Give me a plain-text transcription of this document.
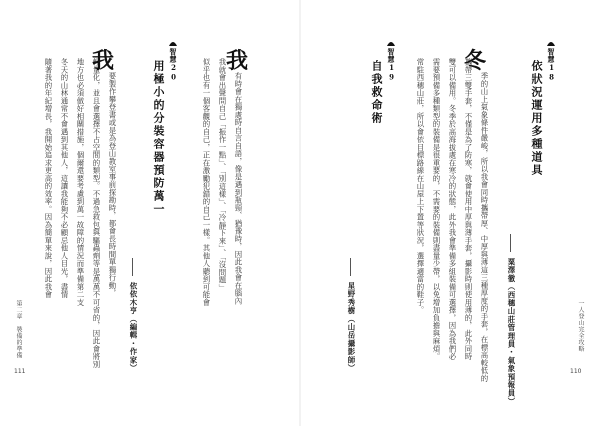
第二章　裝備的準備
111
隨著我的年紀增長，我開始追求更高的效率。因為簡單來說，因此我會 冬天的山林通常不會遇到其他人，這讓我能夠不必顧忌他人目光，盡情 地方也必須做好相關措施，個爾還要考慮到萬一故障的情況而準備第二支 輕量化，並且會選擇不占空間的類型。不過急救包與驅蟲劑等是萬萬不可省的，因此會將別 要製作攀登書或是為登山教室事前探勘時，都會長時間單獨行動，
我
依依木亨（編輯・作家）
用極小的分裝容器預防萬一 智慧20	似乎也有一個客觀的自己，正在激勵犯錯的自己一樣。其他人聽到可能會 我就會出聲問自己「振作一點」、「別這樣」、「冷靜下來」、「沒問題」 有時會在獨處時自言自語，像是遇到瓶頸、猶豫時，因此我會在腦內
我
星野秀樹（山岳攝影師）
自我救命術 智慧19	常駐西穗山莊，所以會依目標路線在山屋上下置等狀況，選擇適當的鞋子。 需要預備多種類型的裝備是很重要的，不需要的裝備則盡量少帶，以免增加負擔與麻煩。 雙可以備用。冬季於高海拔處在寒冷的狀態，此外我會準備多組裝備可選擇，因為我們必 攜帶三雙手套，不僅是為了防寒，就會使用中厚與薄手套，攝影時則使用薄的，此外同時 季的山上氣象條件嚴峻，所以我會同時攜帶厚、中厚與薄這三種厚度的手套，在標高較低的
冬
粟澤徹（西穗山莊管理員・氣象預報員）
依狀況運用多種道具 智慧18
一人登山完全攻略
110
